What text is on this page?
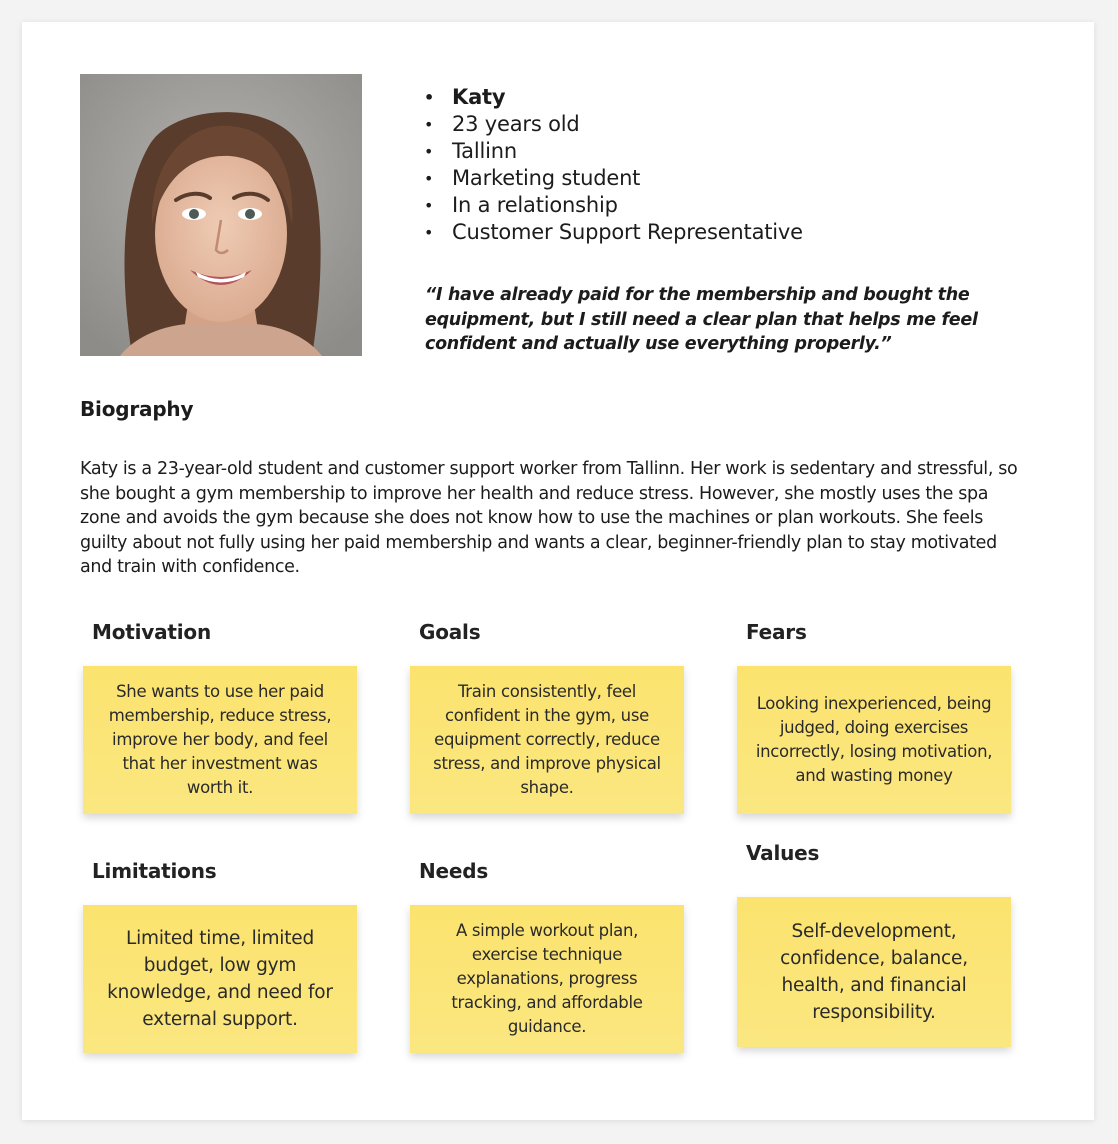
• Katy
• 23 years old
• Tallinn
• Marketing student
• In a relationship
• Customer Support Representative

“I have already paid for the membership and bought the equipment, but I still need a clear plan that helps me feel confident and actually use everything properly.”

Biography

Katy is a 23-year-old student and customer support worker from Tallinn. Her work is sedentary and stressful, so she bought a gym membership to improve her health and reduce stress. However, she mostly uses the spa zone and avoids the gym because she does not know how to use the machines or plan workouts. She feels guilty about not fully using her paid membership and wants a clear, beginner-friendly plan to stay motivated and train with confidence.

Motivation
She wants to use her paid membership, reduce stress, improve her body, and feel that her investment was worth it.
Goals
Train consistently, feel confident in the gym, use equipment correctly, reduce stress, and improve physical shape.
Fears
Looking inexperienced, being judged, doing exercises incorrectly, losing motivation, and wasting money
Limitations
Limited time, limited budget, low gym knowledge, and need for external support.
Needs
A simple workout plan, exercise technique explanations, progress tracking, and affordable guidance.
Values
Self-development, confidence, balance, health, and financial responsibility.
